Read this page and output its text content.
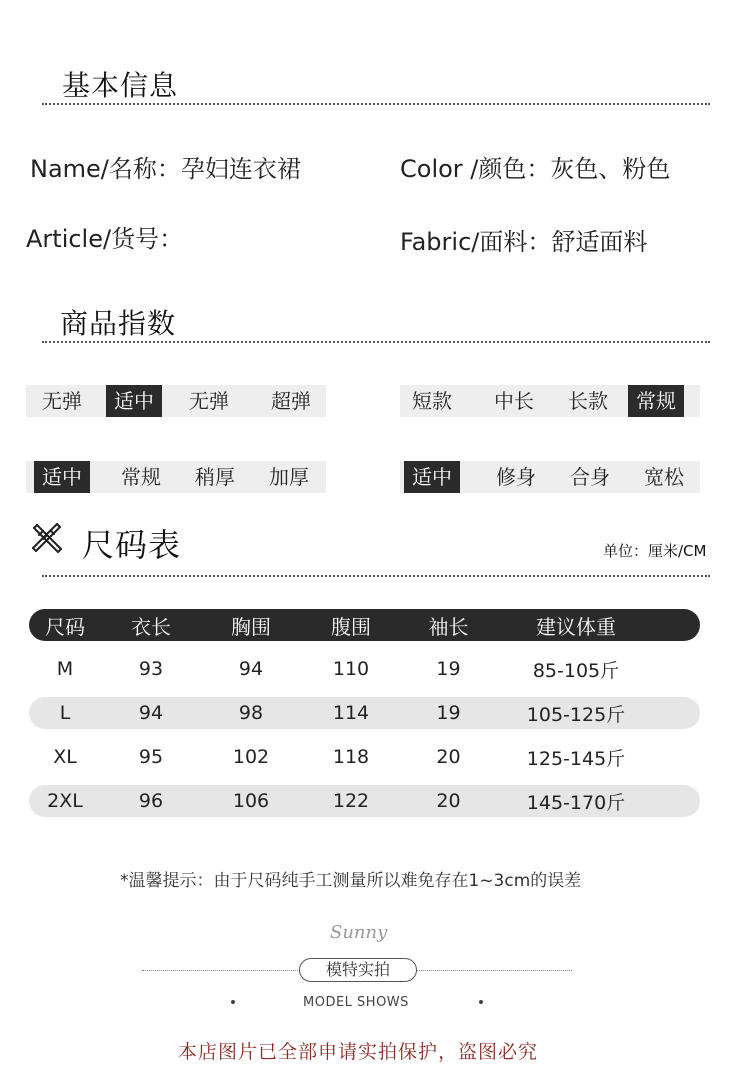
基本信息
Name/名称：孕妇连衣裙	Color /颜色：灰色、粉色
Article/货号：	Fabric/面料：舒适面料
商品指数
无弹	适中	无弹	超弹	短款	中长	长款	常规
适中	常规	稍厚	加厚	适中	修身	合身	宽松
尺码表	单位：厘米/CM
尺码	衣长	胸围	腹围	袖长	建议体重
M	93	94	110	19	85-105斤
L	94	98	114	19	105-125斤
XL	95	102	118	20	125-145斤
2XL	96	106	122	20	145-170斤
*温馨提示：由于尺码纯手工测量所以难免存在1~3cm的误差
Sunny
模特实拍
MODEL SHOWS
本店图片已全部申请实拍保护，盗图必究
